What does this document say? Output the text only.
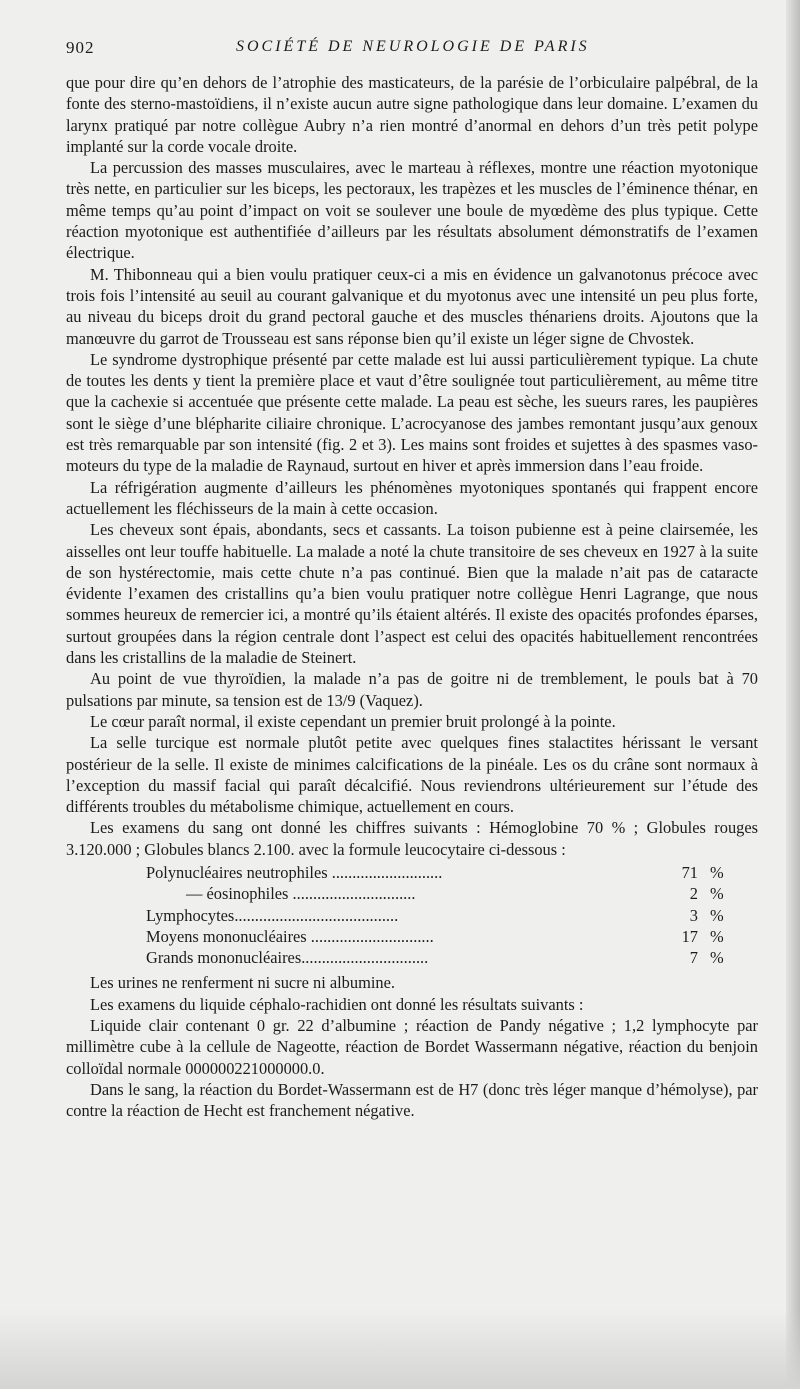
902	SOCIÉTÉ DE NEUROLOGIE DE PARIS

que pour dire qu’en dehors de l’atrophie des masticateurs, de la parésie de l’orbiculaire palpébral, de la fonte des sterno-mastoïdiens, il n’existe aucun autre signe pathologique dans leur domaine. L’examen du larynx pratiqué par notre collègue Aubry n’a rien montré d’anormal en dehors d’un très petit polype implanté sur la corde vocale droite.

La percussion des masses musculaires, avec le marteau à réflexes, montre une réaction myotonique très nette, en particulier sur les biceps, les pectoraux, les trapèzes et les muscles de l’éminence thénar, en même temps qu’au point d’impact on voit se soulever une boule de myœdème des plus typique. Cette réaction myotonique est authentifiée d’ailleurs par les résultats absolument démonstratifs de l’examen électrique.

M. Thibonneau qui a bien voulu pratiquer ceux-ci a mis en évidence un galvanotonus précoce avec trois fois l’intensité au seuil au courant galvanique et du myotonus avec une intensité un peu plus forte, au niveau du biceps droit du grand pectoral gauche et des muscles thénariens droits. Ajoutons que la manœuvre du garrot de Trousseau est sans réponse bien qu’il existe un léger signe de Chvostek.

Le syndrome dystrophique présenté par cette malade est lui aussi particulièrement typique. La chute de toutes les dents y tient la première place et vaut d’être soulignée tout particulièrement, au même titre que la cachexie si accentuée que présente cette malade. La peau est sèche, les sueurs rares, les paupières sont le siège d’une blépharite ciliaire chronique. L’acrocyanose des jambes remontant jusqu’aux genoux est très remarquable par son intensité (fig. 2 et 3). Les mains sont froides et sujettes à des spasmes vaso-moteurs du type de la maladie de Raynaud, surtout en hiver et après immersion dans l’eau froide.

La réfrigération augmente d’ailleurs les phénomènes myotoniques spontanés qui frappent encore actuellement les fléchisseurs de la main à cette occasion.

Les cheveux sont épais, abondants, secs et cassants. La toison pubienne est à peine clairsemée, les aisselles ont leur touffe habituelle. La malade a noté la chute transitoire de ses cheveux en 1927 à la suite de son hystérectomie, mais cette chute n’a pas continué. Bien que la malade n’ait pas de cataracte évidente l’examen des cristallins qu’a bien voulu pratiquer notre collègue Henri Lagrange, que nous sommes heureux de remercier ici, a montré qu’ils étaient altérés. Il existe des opacités profondes éparses, surtout groupées dans la région centrale dont l’aspect est celui des opacités habituellement rencontrées dans les cristallins de la maladie de Steinert.

Au point de vue thyroïdien, la malade n’a pas de goitre ni de tremblement, le pouls bat à 70 pulsations par minute, sa tension est de 13/9 (Vaquez).

Le cœur paraît normal, il existe cependant un premier bruit prolongé à la pointe.

La selle turcique est normale plutôt petite avec quelques fines stalactites hérissant le versant postérieur de la selle. Il existe de minimes calcifications de la pinéale. Les os du crâne sont normaux à l’exception du massif facial qui paraît décalcifié. Nous reviendrons ultérieurement sur l’étude des différents troubles du métabolisme chimique, actuellement en cours.

Les examens du sang ont donné les chiffres suivants : Hémoglobine 70 % ; Globules rouges 3.120.000 ; Globules blancs 2.100. avec la formule leucocytaire ci-dessous :

Polynucléaires neutrophiles ...........................	71	%
— éosinophiles ..............................	2	%
Lymphocytes........................................	3	%
Moyens mononucléaires ..............................	17	%
Grands mononucléaires...............................	7	%

Les urines ne renferment ni sucre ni albumine.

Les examens du liquide céphalo-rachidien ont donné les résultats suivants :

Liquide clair contenant 0 gr. 22 d’albumine ; réaction de Pandy négative ; 1,2 lymphocyte par millimètre cube à la cellule de Nageotte, réaction de Bordet Wassermann négative, réaction du benjoin colloïdal normale 000000221000000.0.

Dans le sang, la réaction du Bordet-Wassermann est de H7 (donc très léger manque d’hémolyse), par contre la réaction de Hecht est franchement négative.
